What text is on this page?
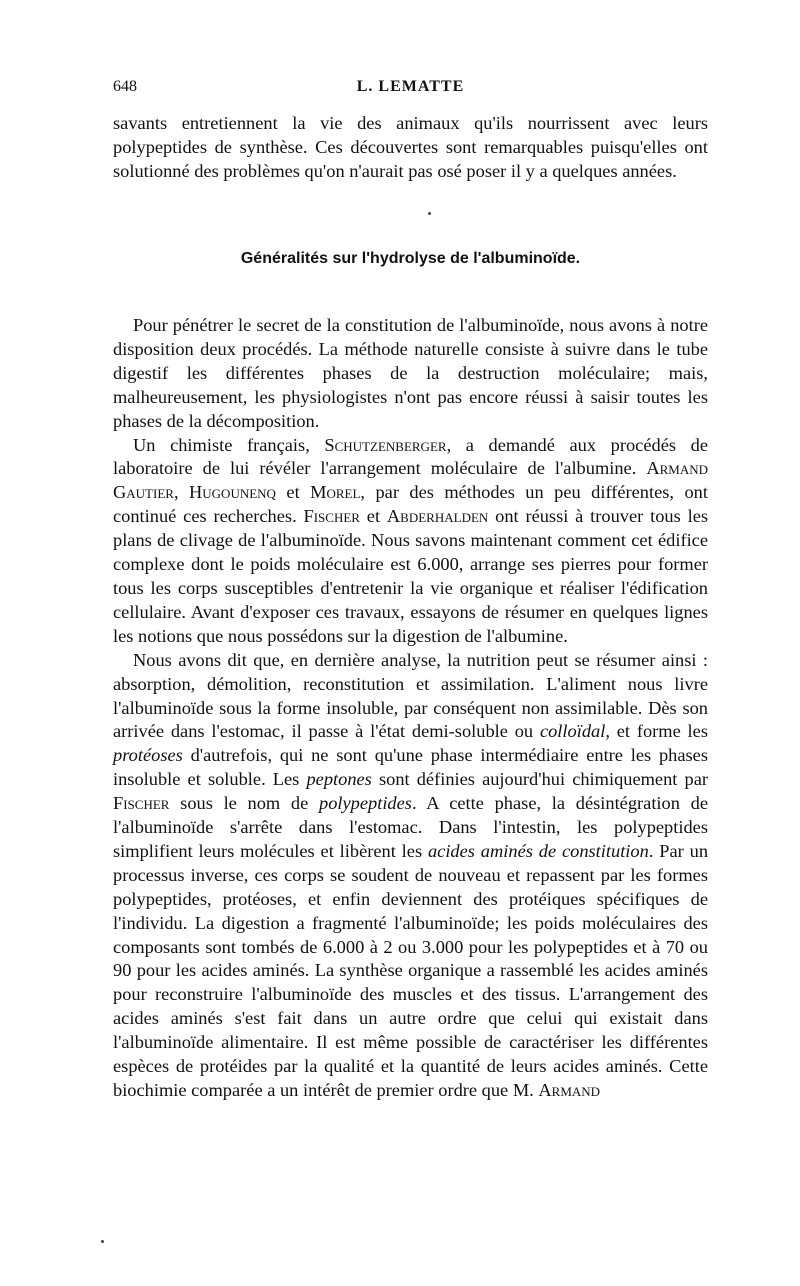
648	L. LEMATTE

savants entretiennent la vie des animaux qu'ils nourrissent avec leurs polypeptides de synthèse. Ces découvertes sont remarquables puisqu'elles ont solutionné des problèmes qu'on n'aurait pas osé poser il y a quelques années.

Généralités sur l'hydrolyse de l'albuminoïde.

Pour pénétrer le secret de la constitution de l'albuminoïde, nous avons à notre disposition deux procédés. La méthode naturelle consiste à suivre dans le tube digestif les différentes phases de la destruction moléculaire; mais, malheureusement, les physiologistes n'ont pas encore réussi à saisir toutes les phases de la décomposition.

Un chimiste français, Schutzenberger, a demandé aux procédés de laboratoire de lui révéler l'arrangement moléculaire de l'albumine. Armand Gautier, Hugounenq et Morel, par des méthodes un peu différentes, ont continué ces recherches. Fischer et Abderhalden ont réussi à trouver tous les plans de clivage de l'albuminoïde. Nous savons maintenant comment cet édifice complexe dont le poids moléculaire est 6.000, arrange ses pierres pour former tous les corps susceptibles d'entretenir la vie organique et réaliser l'édification cellulaire. Avant d'exposer ces travaux, essayons de résumer en quelques lignes les notions que nous possédons sur la digestion de l'albumine.

Nous avons dit que, en dernière analyse, la nutrition peut se résumer ainsi : absorption, démolition, reconstitution et assimilation. L'aliment nous livre l'albuminoïde sous la forme insoluble, par conséquent non assimilable. Dès son arrivée dans l'estomac, il passe à l'état demi-soluble ou colloïdal, et forme les protéoses d'autrefois, qui ne sont qu'une phase intermédiaire entre les phases insoluble et soluble. Les peptones sont définies aujourd'hui chimiquement par Fischer sous le nom de polypeptides. A cette phase, la désintégration de l'albuminoïde s'arrête dans l'estomac. Dans l'intestin, les polypeptides simplifient leurs molécules et libèrent les acides aminés de constitution. Par un processus inverse, ces corps se soudent de nouveau et repassent par les formes polypeptides, protéoses, et enfin deviennent des protéiques spécifiques de l'individu. La digestion a fragmenté l'albuminoïde; les poids moléculaires des composants sont tombés de 6.000 à 2 ou 3.000 pour les polypeptides et à 70 ou 90 pour les acides aminés. La synthèse organique a rassemblé les acides aminés pour reconstruire l'albuminoïde des muscles et des tissus. L'arrangement des acides aminés s'est fait dans un autre ordre que celui qui existait dans l'albuminoïde alimentaire. Il est même possible de caractériser les différentes espèces de protéides par la qualité et la quantité de leurs acides aminés. Cette biochimie comparée a un intérêt de premier ordre que M. Armand
